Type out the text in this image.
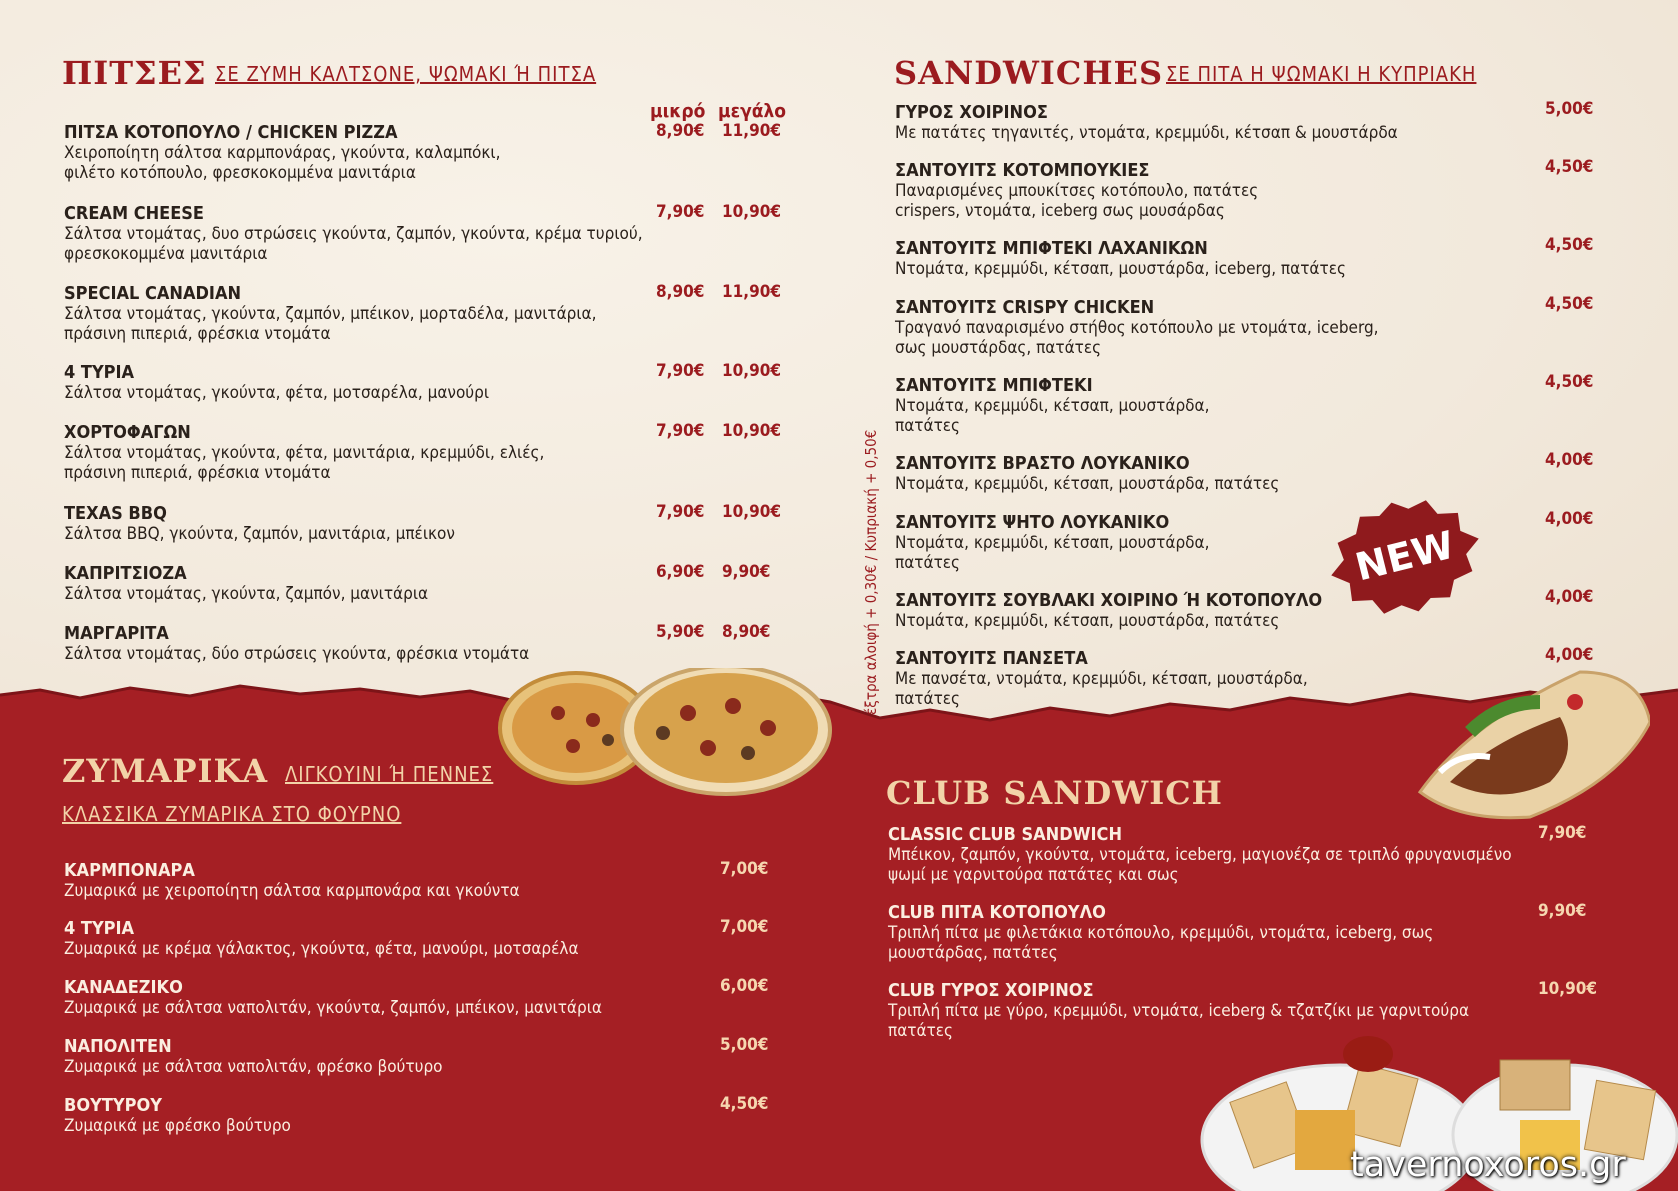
ΠΙΤΣΕΣ ΣΕ ΖΥΜΗ ΚΑΛΤΣΟΝΕ, ΨΩΜΑΚΙ Ή ΠΙΤΣΑ
μικρό μεγάλο
ΠΙΤΣΑ ΚΟΤΟΠΟΥΛΟ / CHICKEN PIZZA
Χειροποίητη σάλτσα καρμπονάρας, γκούντα, καλαμπόκι,
φιλέτο κοτόπουλο, φρεσκοκομμένα μανιτάρια
8,90€ 11,90€
CREAM CHEESE
Σάλτσα ντομάτας, δυο στρώσεις γκούντα, ζαμπόν, γκούντα, κρέμα τυριού,
φρεσκοκομμένα μανιτάρια
7,90€ 10,90€
SPECIAL CANADIAN
Σάλτσα ντομάτας, γκούντα, ζαμπόν, μπέικον, μορταδέλα, μανιτάρια,
πράσινη πιπεριά, φρέσκια ντομάτα
8,90€ 11,90€
4 ΤΥΡΙΑ
Σάλτσα ντομάτας, γκούντα, φέτα, μοτσαρέλα, μανούρι
7,90€ 10,90€
ΧΟΡΤΟΦΑΓΩΝ
Σάλτσα ντομάτας, γκούντα, φέτα, μανιτάρια, κρεμμύδι, ελιές,
πράσινη πιπεριά, φρέσκια ντομάτα
7,90€ 10,90€
TEXAS BBQ
Σάλτσα BBQ, γκούντα, ζαμπόν, μανιτάρια, μπέικον
7,90€ 10,90€
ΚΑΠΡΙΤΣΙΟΖΑ
Σάλτσα ντομάτας, γκούντα, ζαμπόν, μανιτάρια
6,90€ 9,90€
ΜΑΡΓΑΡΙΤΑ
Σάλτσα ντομάτας, δύο στρώσεις γκούντα, φρέσκια ντομάτα
5,90€ 8,90€
ΖΥΜΑΡΙΚΑ ΛΙΓΚΟΥΙΝΙ Ή ΠΕΝΝΕΣ
ΚΛΑΣΣΙΚΑ ΖΥΜΑΡΙΚΑ ΣΤΟ ΦΟΥΡΝΟ
ΚΑΡΜΠΟΝΑΡΑ
Ζυμαρικά με χειροποίητη σάλτσα καρμπονάρα και γκούντα
7,00€
4 ΤΥΡΙΑ
Ζυμαρικά με κρέμα γάλακτος, γκούντα, φέτα, μανούρι, μοτσαρέλα
7,00€
ΚΑΝΑΔΕΖΙΚΟ
Ζυμαρικά με σάλτσα ναπολιτάν, γκούντα, ζαμπόν, μπέικον, μανιτάρια
6,00€
ΝΑΠΟΛΙΤΕΝ
Ζυμαρικά με σάλτσα ναπολιτάν, φρέσκο βούτυρο
5,00€
ΒΟΥΤΥΡΟΥ
Ζυμαρικά με φρέσκο βούτυρο
4,50€
SANDWICHES ΣΕ ΠΙΤΑ Η ΨΩΜΑΚΙ Η ΚΥΠΡΙΑΚΗ
έξτρα αλοιφή + 0,30€ / Κυπριακή + 0,50€
ΓΥΡΟΣ ΧΟΙΡΙΝΟΣ
Με πατάτες τηγανιτές, ντομάτα, κρεμμύδι, κέτσαπ & μουστάρδα
5,00€
ΣΑΝΤΟΥΙΤΣ ΚΟΤΟΜΠΟΥΚΙΕΣ
Παναρισμένες μπουκίτσες κοτόπουλο, πατάτες
crispers, ντομάτα, iceberg σως μουσάρδας
4,50€
ΣΑΝΤΟΥΙΤΣ ΜΠΙΦΤΕΚΙ ΛΑΧΑΝΙΚΩΝ
Ντομάτα, κρεμμύδι, κέτσαπ, μουστάρδα, iceberg, πατάτες
4,50€
ΣΑΝΤΟΥΙΤΣ CRISPY CHICKEN
Τραγανό παναρισμένο στήθος κοτόπουλο με ντομάτα, iceberg,
σως μουστάρδας, πατάτες
4,50€
ΣΑΝΤΟΥΙΤΣ ΜΠΙΦΤΕΚΙ
Ντομάτα, κρεμμύδι, κέτσαπ, μουστάρδα,
πατάτες
4,50€
ΣΑΝΤΟΥΙΤΣ ΒΡΑΣΤΟ ΛΟΥΚΑΝΙΚΟ
Ντομάτα, κρεμμύδι, κέτσαπ, μουστάρδα, πατάτες
4,00€
ΣΑΝΤΟΥΙΤΣ ΨΗΤΟ ΛΟΥΚΑΝΙΚΟ
Ντομάτα, κρεμμύδι, κέτσαπ, μουστάρδα,
πατάτες
4,00€
ΣΑΝΤΟΥΙΤΣ ΣΟΥΒΛΑΚΙ ΧΟΙΡΙΝΟ Ή ΚΟΤΟΠΟΥΛΟ
Ντομάτα, κρεμμύδι, κέτσαπ, μουστάρδα, πατάτες
4,00€
ΣΑΝΤΟΥΙΤΣ ΠΑΝΣΕΤΑ
Με πανσέτα, ντομάτα, κρεμμύδι, κέτσαπ, μουστάρδα,
πατάτες
4,00€
NEW
CLUB SANDWICH
CLASSIC CLUB SANDWICH
Μπέικον, ζαμπόν, γκούντα, ντομάτα, iceberg, μαγιονέζα σε τριπλό φρυγανισμένο
ψωμί με γαρνιτούρα πατάτες και σως
7,90€
CLUB ΠΙΤΑ ΚΟΤΟΠΟΥΛΟ
Τριπλή πίτα με φιλετάκια κοτόπουλο, κρεμμύδι, ντομάτα, iceberg, σως
μουστάρδας, πατάτες
9,90€
CLUB ΓΥΡΟΣ ΧΟΙΡΙΝΟΣ
Τριπλή πίτα με γύρο, κρεμμύδι, ντομάτα, iceberg & τζατζίκι με γαρνιτούρα
πατάτες
10,90€
tavernoxoros.gr
